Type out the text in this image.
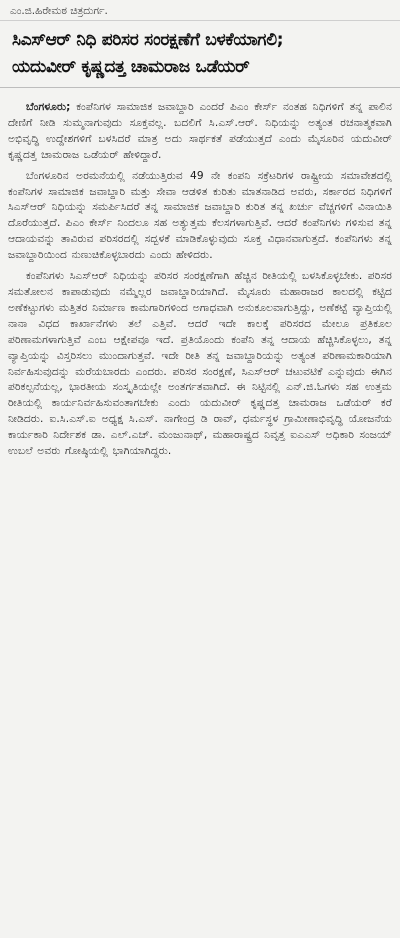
ಎಂ.ಜಿ.ಹಿರೇಮಠ ಚಿತ್ರದುರ್ಗ.
ಸಿಎಸ್‌ಆರ್ ನಿಧಿ ಪರಿಸರ ಸಂರಕ್ಷಣೆಗೆ ಬಳಕೆಯಾಗಲಿ;
ಯದುವೀರ್ ಕೃಷ್ಣದತ್ತ ಚಾಮರಾಜ ಒಡೆಯರ್

ಬೆಂಗಳೂರು; ಕಂಪೆನಿಗಳ ಸಾಮಾಜಿಕ ಜವಾಬ್ದಾರಿ ಎಂದರೆ ಪಿಎಂ ಕೇರ್ಸ್ ನಂತಹ ನಿಧಿಗಳಿಗೆ ತನ್ನ ಪಾಲಿನ ದೇಣಿಗೆ ನೀಡಿ ಸುಮ್ಮನಾಗುವುದು ಸೂಕ್ತವಲ್ಲ. ಬದಲಿಗೆ ಸಿ.ಎಸ್.ಆರ್. ನಿಧಿಯನ್ನು ಅತ್ಯಂತ ರಚನಾತ್ಮಕವಾಗಿ ಅಭಿವೃದ್ಧಿ ಉದ್ದೇಶಗಳಿಗೆ ಬಳಸಿದರೆ ಮಾತ್ರ ಅದು ಸಾರ್ಥಕತೆ ಪಡೆಯುತ್ತದೆ ಎಂದು ಮೈಸೂರಿನ ಯದುವೀರ್ ಕೃಷ್ಣದತ್ತ ಚಾಮರಾಜ ಒಡೆಯರ್ ಹೇಳಿದ್ದಾರೆ.

ಬೆಂಗಳೂರಿನ ಅರಮನೆಯಲ್ಲಿ ನಡೆಯುತ್ತಿರುವ 49 ನೇ ಕಂಪನಿ ಸಕ್ರೆಟರಿಗಳ ರಾಷ್ಟ್ರೀಯ ಸಮಾವೇಶದಲ್ಲಿ ಕಂಪೆನಿಗಳ ಸಾಮಾಜಿಕ ಜವಾಬ್ದಾರಿ ಮತ್ತು ಸೇವಾ ಆಡಳಿತ ಕುರಿತು ಮಾತನಾಡಿದ ಅವರು, ಸರ್ಕಾರದ ನಿಧಿಗಳಿಗೆ ಸಿಎಸ್‌ಆರ್ ನಿಧಿಯನ್ನು ಸಮರ್ಪಿಸಿದರೆ ತನ್ನ ಸಾಮಾಜಿಕ ಜವಾಬ್ದಾರಿ ಕುರಿತ ತನ್ನ ಖರ್ಚು ವೆಚ್ಚಗಳಿಗೆ ವಿನಾಯಿತಿ ದೊರೆಯುತ್ತದೆ. ಪಿಎಂ ಕೇರ್ಸ್ ನಿಂದಲೂ ಸಹ ಅತ್ಯುತ್ತಮ ಕೆಲಸಗಳಾಗುತ್ತಿವೆ. ಆದರೆ ಕಂಪೆನಿಗಳು ಗಳಿಸುವ ತನ್ನ ಆದಾಯವನ್ನು ತಾವಿರುವ ಪರಿಸರದಲ್ಲಿ ಸದ್ಬಳಕೆ ಮಾಡಿಕೊಳ್ಳುವುದು ಸೂಕ್ತ ವಿಧಾನವಾಗುತ್ತದೆ. ಕಂಪೆನಿಗಳು ತನ್ನ ಜವಾಬ್ದಾರಿಯಿಂದ ನುಣುಚಿಕೊಳ್ಳಬಾರದು ಎಂದು ಹೇಳಿದರು.

ಕಂಪೆನಿಗಳು ಸಿಎಸ್‌ಆರ್ ನಿಧಿಯನ್ನು ಪರಿಸರ ಸಂರಕ್ಷಣೆಗಾಗಿ ಹೆಚ್ಚಿನ ರೀತಿಯಲ್ಲಿ ಬಳಸಿಕೊಳ್ಳಬೇಕು. ಪರಿಸರ ಸಮತೋಲನ ಕಾಪಾಡುವುದು ನಮ್ಮೆಲ್ಲರ ಜವಾಬ್ದಾರಿಯಾಗಿದೆ. ಮೈಸೂರು ಮಹಾರಾಜರ ಕಾಲದಲ್ಲಿ ಕಟ್ಟಿದ ಅಣೆಕಟ್ಟುಗಳು ಮತ್ತಿತರ ನಿರ್ಮಾಣ ಕಾಮಗಾರಿಗಳಿಂದ ಅಗಾಧವಾಗಿ ಅನುಕೂಲವಾಗುತ್ತಿದ್ದು, ಅಣೆಕಟ್ಟೆ ವ್ಯಾಪ್ತಿಯಲ್ಲಿ ನಾನಾ ವಿಧದ ಕಾರ್ಖಾನೆಗಳು ತಲೆ ಎತ್ತಿವೆ. ಆದರೆ ಇದೇ ಕಾಲಕ್ಕೆ ಪರಿಸರದ ಮೇಲೂ ಪ್ರತಿಕೂಲ ಪರಿಣಾಮಗಳಾಗುತ್ತಿವೆ ಎಂಬ ಆಕ್ಷೇಪವೂ ಇದೆ. ಪ್ರತಿಯೊಂದು ಕಂಪೆನಿ ತನ್ನ ಆದಾಯ ಹೆಚ್ಚಿಸಿಕೊಳ್ಳಲು, ತನ್ನ ವ್ಯಾಪ್ತಿಯನ್ನು ವಿಸ್ತರಿಸಲು ಮುಂದಾಗುತ್ತವೆ. ಇದೇ ರೀತಿ ತನ್ನ ಜವಾಬ್ದಾರಿಯನ್ನು ಅತ್ಯಂತ ಪರಿಣಾಮಕಾರಿಯಾಗಿ ನಿರ್ವಹಿಸುವುದನ್ನು ಮರೆಯಬಾರದು ಎಂದರು. ಪರಿಸರ ಸಂರಕ್ಷಣೆ, ಸಿಎಸ್‌ಆರ್ ಚಟುವಟಿಕೆ ಎನ್ನುವುದು ಈಗಿನ ಪರಿಕಲ್ಪನೆಯಲ್ಲ, ಭಾರತೀಯ ಸಂಸ್ಕೃತಿಯಲ್ಲೇ ಅಂತರ್ಗತವಾಗಿದೆ. ಈ ನಿಟ್ಟಿನಲ್ಲಿ ಎನ್.ಜಿ.ಓಗಳು ಸಹ ಉತ್ತಮ ರೀತಿಯಲ್ಲಿ ಕಾರ್ಯನಿರ್ವಹಿಸುವಂತಾಗಬೇಕು ಎಂದು ಯದುವೀರ್ ಕೃಷ್ಣದತ್ತ ಚಾಮರಾಜ ಒಡೆಯರ್ ಕರೆ ನೀಡಿದರು. ಐ.ಸಿ.ಎಸ್.ಐ ಅಧ್ಯಕ್ಷ ಸಿ.ಎಸ್. ನಾಗೇಂದ್ರ ಡಿ ರಾವ್, ಧರ್ಮಸ್ಥಳ ಗ್ರಾಮೀಣಾಭಿವೃದ್ಧಿ ಯೋಜನೆಯ ಕಾರ್ಯಕಾರಿ ನಿರ್ದೇಶಕ ಡಾ. ಎಲ್.ಎಚ್. ಮಂಜುನಾಥ್, ಮಹಾರಾಷ್ಟ್ರದ ನಿವೃತ್ತ ಐಎಎಸ್ ಅಧಿಕಾರಿ ಸಂಜಯ್ ಉಬಲೆ ಅವರು ಗೋಷ್ಠಿಯಲ್ಲಿ ಭಾಗಿಯಾಗಿದ್ದರು.
